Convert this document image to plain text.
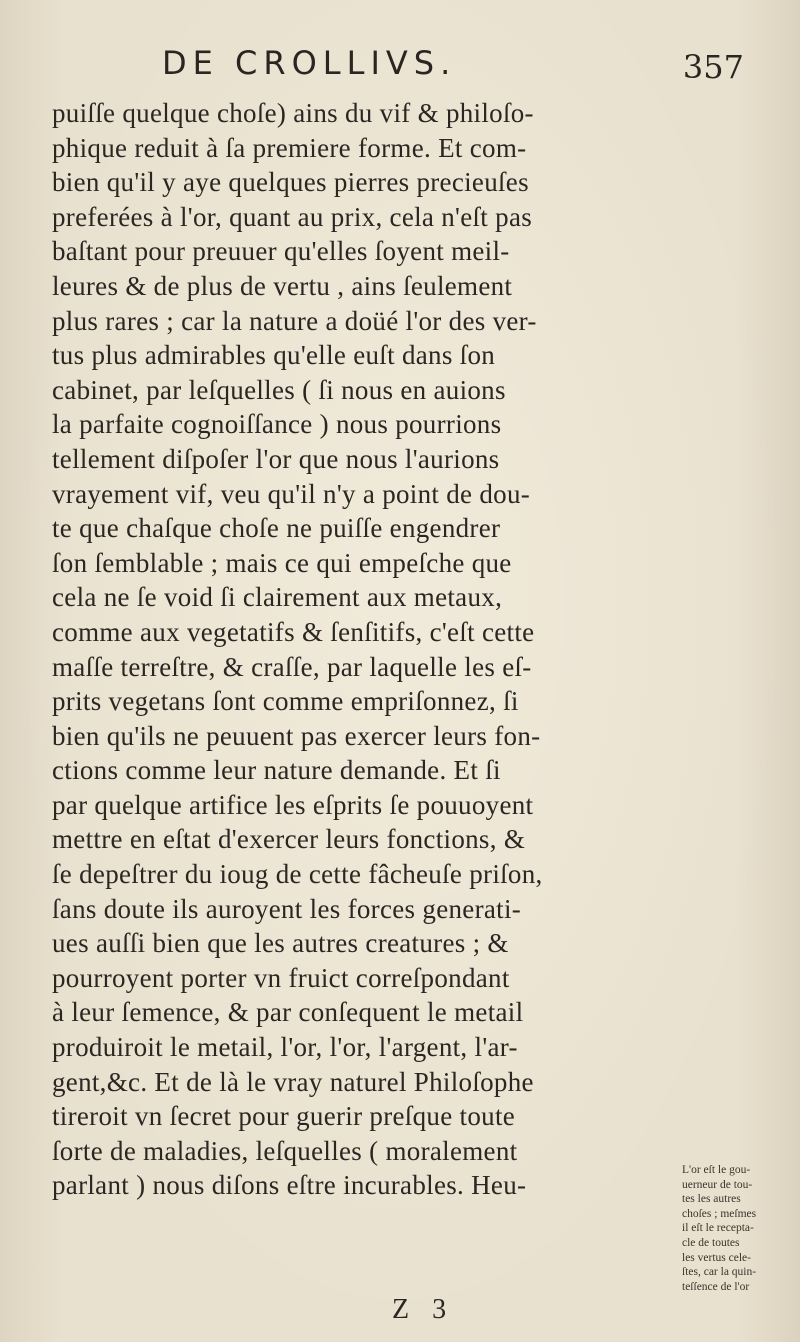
DE CROLLIVS.	357
puiſſe quelque choſe) ains du vif & philoſo-
phique reduit à ſa premiere forme. Et com-
bien qu'il y aye quelques pierres precieuſes
preferées à l'or, quant au prix, cela n'eſt pas
baſtant pour preuuer qu'elles ſoyent meil-
leures & de plus de vertu , ains ſeulement
plus rares ; car la nature a doüé l'or des ver-
tus plus admirables qu'elle euſt dans ſon
cabinet, par leſquelles ( ſi nous en auions
la parfaite cognoiſſance ) nous pourrions
tellement diſpoſer l'or que nous l'aurions
vrayement vif, veu qu'il n'y a point de dou-
te que chaſque choſe ne puiſſe engendrer
ſon ſemblable ; mais ce qui empeſche que
cela ne ſe void ſi clairement aux metaux,
comme aux vegetatifs & ſenſitifs, c'eſt cette
maſſe terreſtre, & craſſe, par laquelle les eſ-
prits vegetans ſont comme empriſonnez, ſi
bien qu'ils ne peuuent pas exercer leurs fon-
ctions comme leur nature demande. Et ſi
par quelque artifice les eſprits ſe pouuoyent
mettre en eſtat d'exercer leurs fonctions, &
ſe depeſtrer du ioug de cette fâcheuſe priſon,
ſans doute ils auroyent les forces generati-
ues auſſi bien que les autres creatures ; &
pourroyent porter vn fruict correſpondant
à leur ſemence, & par conſequent le metail
produiroit le metail, l'or, l'or, l'argent, l'ar-
gent,&c. Et de là le vray naturel Philoſophe
tireroit vn ſecret pour guerir preſque toute
ſorte de maladies, leſquelles ( moralement
parlant ) nous diſons eſtre incurables. Heu-
L'or eſt le gou-
uerneur de tou-
tes les autres
choſes ; meſmes
il eſt le recepta-
cle de toutes
les vertus cele-
ſtes, car la quin-
teſſence de l'or
Z 3
